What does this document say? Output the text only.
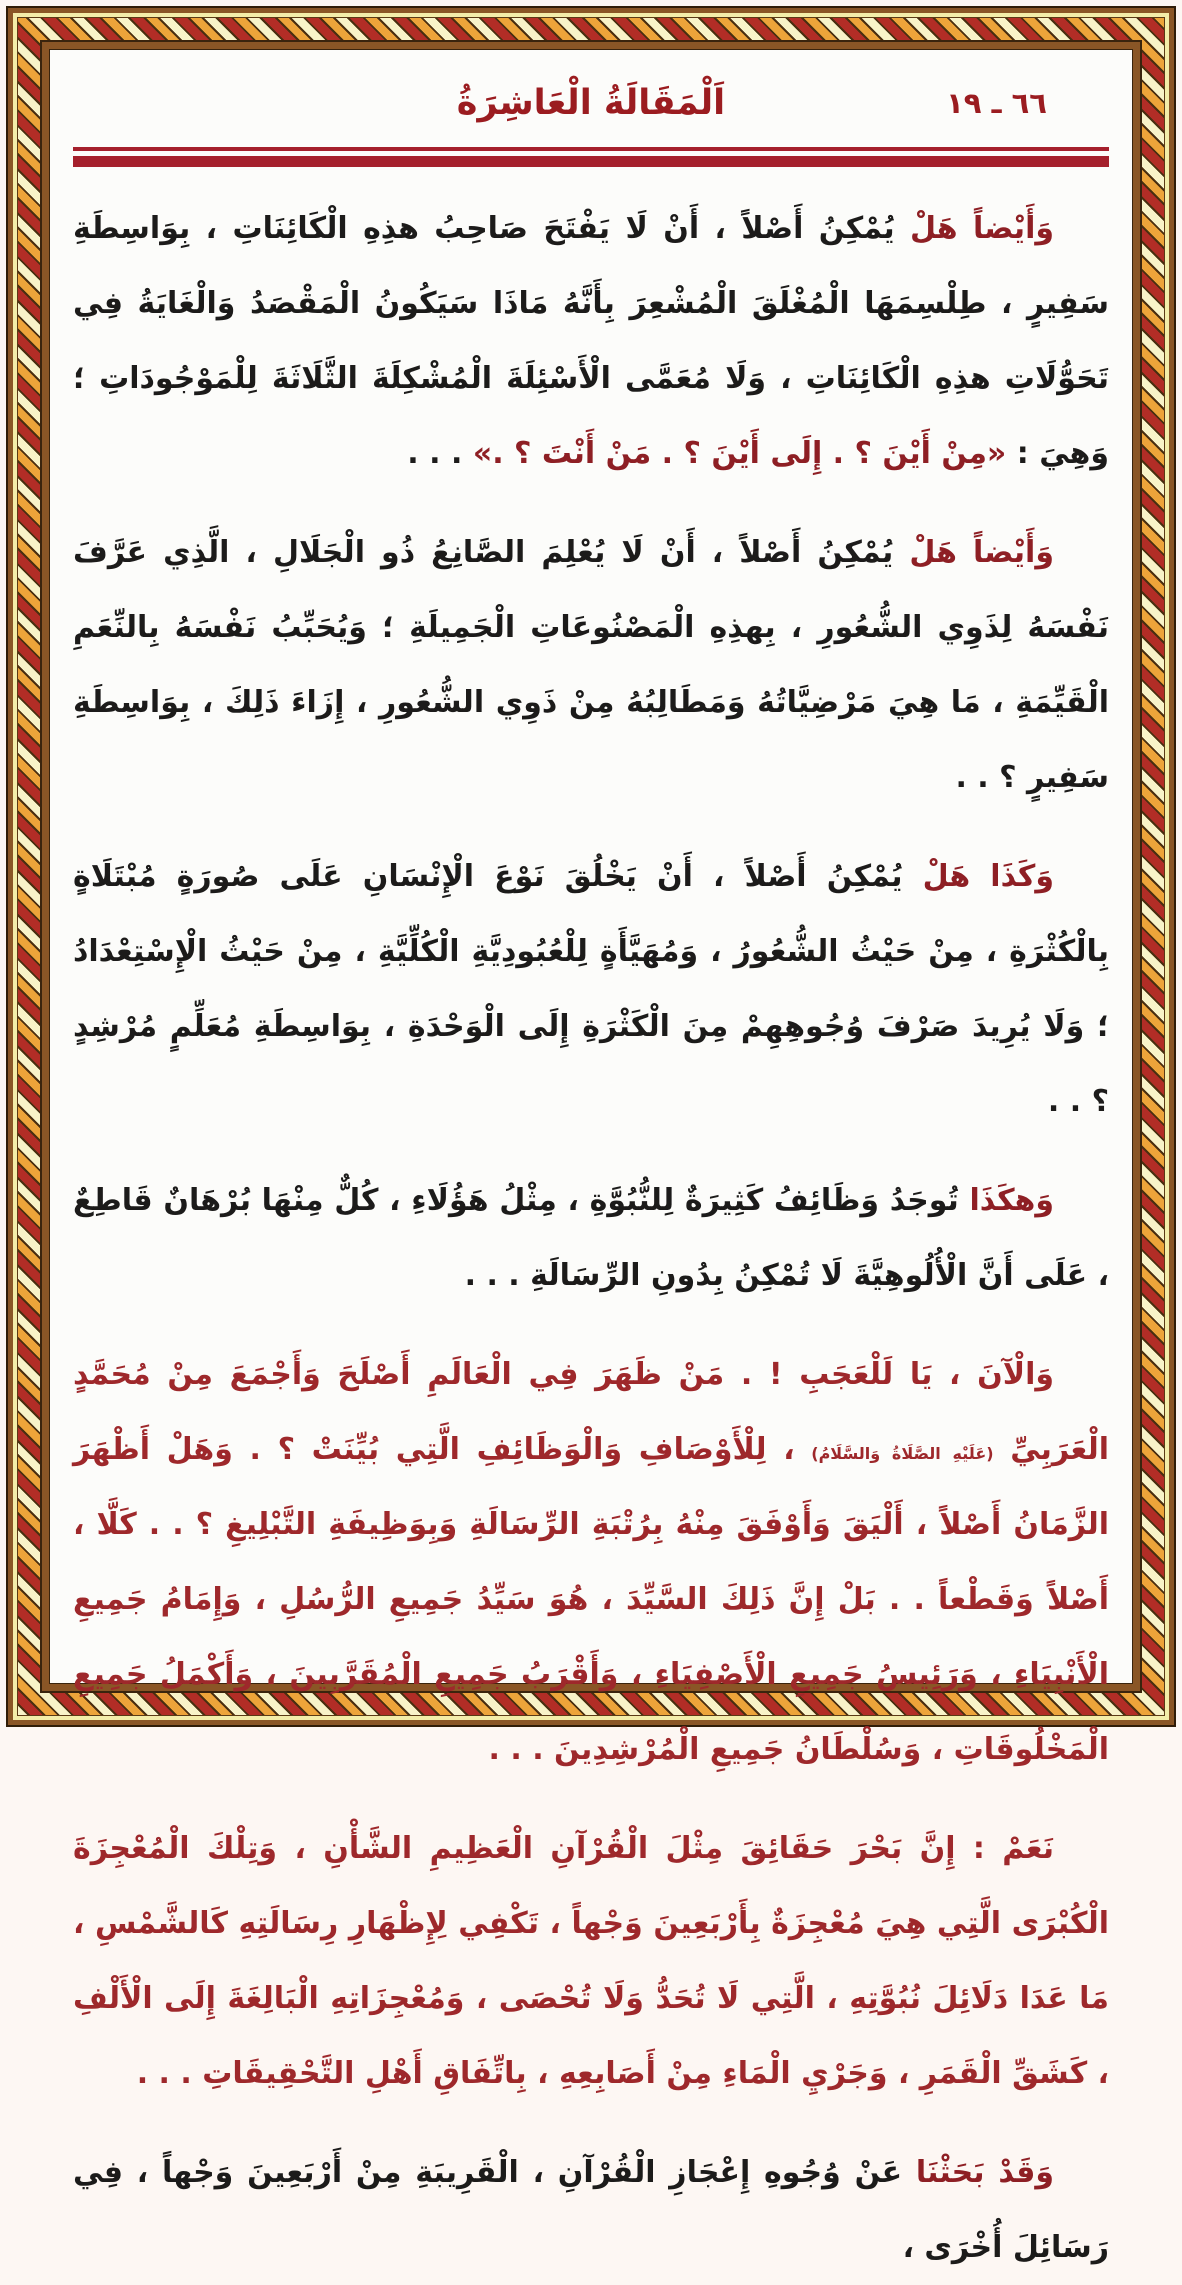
٦٦ ـ ١٩
اَلْمَقَالَةُ الْعَاشِرَةُ

وَأَيْضاً هَلْ يُمْكِنُ أَصْلاً ، أَنْ لَا يَفْتَحَ صَاحِبُ هذِهِ الْكَائِنَاتِ ، بِوَاسِطَةِ سَفِيرٍ ، طِلْسِمَهَا الْمُغْلَقَ الْمُشْعِرَ بِأَنَّهُ مَاذَا سَيَكُونُ الْمَقْصَدُ وَالْغَايَةُ فِي تَحَوُّلَاتِ هذِهِ الْكَائِنَاتِ ، وَلَا مُعَمَّى الْأَسْئِلَةَ الْمُشْكِلَةَ الثَّلَاثَةَ لِلْمَوْجُودَاتِ ؛ وَهِيَ : «مِنْ أَيْنَ ؟ . إِلَى أَيْنَ ؟ . مَنْ أَنْتَ ؟ .» . . .

وَأَيْضاً هَلْ يُمْكِنُ أَصْلاً ، أَنْ لَا يُعْلِمَ الصَّانِعُ ذُو الْجَلَالِ ، الَّذِي عَرَّفَ نَفْسَهُ لِذَوِي الشُّعُورِ ، بِهذِهِ الْمَصْنُوعَاتِ الْجَمِيلَةِ ؛ وَيُحَبِّبُ نَفْسَهُ بِالنِّعَمِ الْقَيِّمَةِ ، مَا هِيَ مَرْضِيَّاتُهُ وَمَطَالِبُهُ مِنْ ذَوِي الشُّعُورِ ، إِزَاءَ ذَلِكَ ، بِوَاسِطَةِ سَفِيرٍ ؟ . .

وَكَذَا هَلْ يُمْكِنُ أَصْلاً ، أَنْ يَخْلُقَ نَوْعَ الْإِنْسَانِ عَلَى صُورَةٍ مُبْتَلَاةٍ بِالْكُثْرَةِ ، مِنْ حَيْثُ الشُّعُورُ ، وَمُهَيَّأَةٍ لِلْعُبُودِيَّةِ الْكُلِّيَّةِ ، مِنْ حَيْثُ الْإِسْتِعْدَادُ ؛ وَلَا يُرِيدَ صَرْفَ وُجُوهِهِمْ مِنَ الْكَثْرَةِ إِلَى الْوَحْدَةِ ، بِوَاسِطَةِ مُعَلِّمٍ مُرْشِدٍ ؟ . .

وَهكَذَا تُوجَدُ وَظَائِفُ كَثِيرَةٌ لِلنُّبُوَّةِ ، مِثْلُ هَؤُلَاءِ ، كُلٌّ مِنْهَا بُرْهَانٌ قَاطِعٌ ، عَلَى أَنَّ الْأُلُوهِيَّةَ لَا تُمْكِنُ بِدُونِ الرِّسَالَةِ . . .

وَالْآنَ ، يَا لَلْعَجَبِ ! . مَنْ ظَهَرَ فِي الْعَالَمِ أَصْلَحَ وَأَجْمَعَ مِنْ مُحَمَّدٍ الْعَرَبِيِّ (عَلَيْهِ الصَّلَاةُ وَالسَّلَامُ) ، لِلْأَوْصَافِ وَالْوَظَائِفِ الَّتِي بُيِّنَتْ ؟ . وَهَلْ أَظْهَرَ الزَّمَانُ أَصْلاً ، أَلْيَقَ وَأَوْفَقَ مِنْهُ بِرُتْبَةِ الرِّسَالَةِ وَبِوَظِيفَةِ التَّبْلِيغِ ؟ . . كَلَّا ، أَصْلاً وَقَطْعاً . . بَلْ إِنَّ ذَلِكَ السَّيِّدَ ، هُوَ سَيِّدُ جَمِيعِ الرُّسُلِ ، وَإِمَامُ جَمِيعِ الْأَنْبِيَاءِ ، وَرَئِيسُ جَمِيعِ الْأَصْفِيَاءِ ، وَأَقْرَبُ جَمِيعِ الْمُقَرَّبِينَ ، وَأَكْمَلُ جَمِيعِ الْمَخْلُوقَاتِ ، وَسُلْطَانُ جَمِيعِ الْمُرْشِدِينَ . . .

نَعَمْ : إِنَّ بَحْرَ حَقَائِقَ مِثْلَ الْقُرْآنِ الْعَظِيمِ الشَّأْنِ ، وَتِلْكَ الْمُعْجِزَةَ الْكُبْرَى الَّتِي هِيَ مُعْجِزَةٌ بِأَرْبَعِينَ وَجْهاً ، تَكْفِي لِإِظْهَارِ رِسَالَتِهِ كَالشَّمْسِ ، مَا عَدَا دَلَائِلَ نُبُوَّتِهِ ، الَّتِي لَا تُحَدُّ وَلَا تُحْصَى ، وَمُعْجِزَاتِهِ الْبَالِغَةَ إِلَى الْأَلْفِ ، كَشَقِّ الْقَمَرِ ، وَجَرْيِ الْمَاءِ مِنْ أَصَابِعِهِ ، بِاتِّفَاقِ أَهْلِ التَّحْقِيقَاتِ . . .

وَقَدْ بَحَثْنَا عَنْ وُجُوهِ إِعْجَازِ الْقُرْآنِ ، الْقَرِيبَةِ مِنْ أَرْبَعِينَ وَجْهاً ، فِي رَسَائِلَ أُخْرَى ،
